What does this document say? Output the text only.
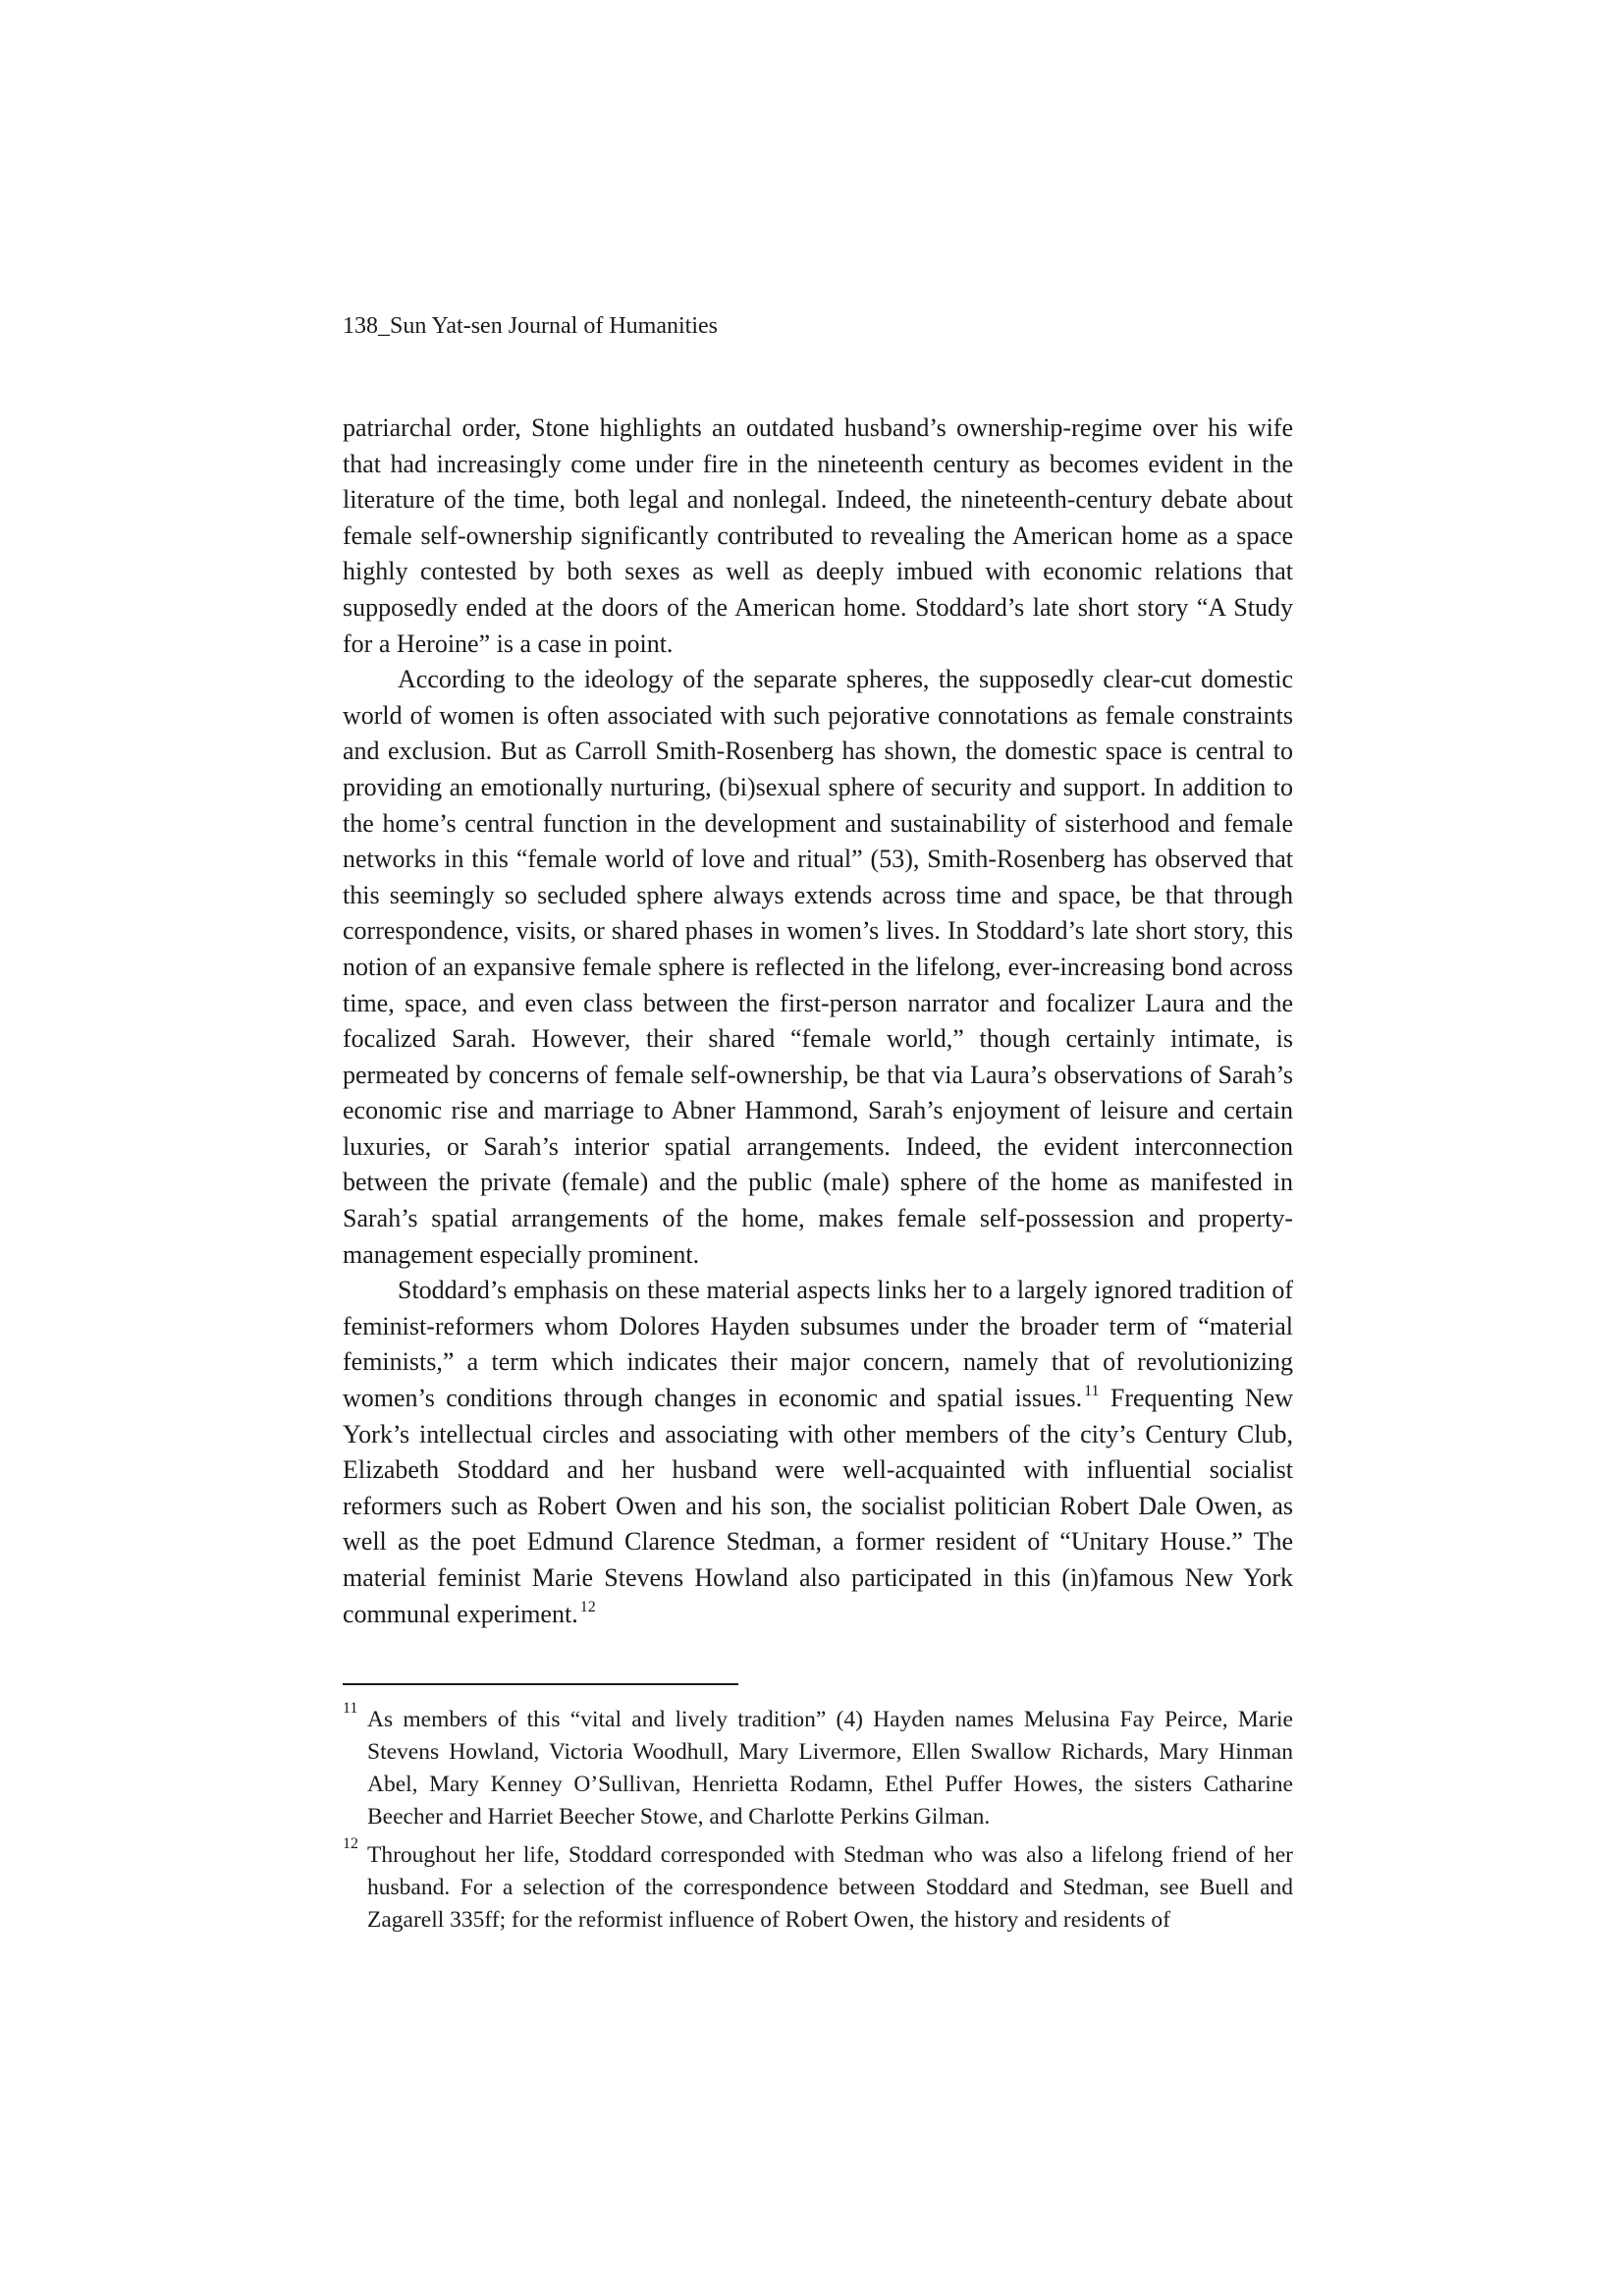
138_Sun Yat-sen Journal of Humanities

patriarchal order, Stone highlights an outdated husband’s ownership-regime over his wife that had increasingly come under fire in the nineteenth century as becomes evident in the literature of the time, both legal and nonlegal. Indeed, the nineteenth-century debate about female self-ownership significantly contributed to revealing the American home as a space highly contested by both sexes as well as deeply imbued with economic relations that supposedly ended at the doors of the American home. Stoddard’s late short story “A Study for a Heroine” is a case in point.

According to the ideology of the separate spheres, the supposedly clear-cut domestic world of women is often associated with such pejorative connotations as female constraints and exclusion. But as Carroll Smith-Rosenberg has shown, the domestic space is central to providing an emotionally nurturing, (bi)sexual sphere of security and support. In addition to the home’s central function in the development and sustainability of sisterhood and female networks in this “female world of love and ritual” (53), Smith-Rosenberg has observed that this seemingly so secluded sphere always extends across time and space, be that through correspondence, visits, or shared phases in women’s lives. In Stoddard’s late short story, this notion of an expansive female sphere is reflected in the lifelong, ever-increasing bond across time, space, and even class between the first-person narrator and focalizer Laura and the focalized Sarah. However, their shared “female world,” though certainly intimate, is permeated by concerns of female self-ownership, be that via Laura’s observations of Sarah’s economic rise and marriage to Abner Hammond, Sarah’s enjoyment of leisure and certain luxuries, or Sarah’s interior spatial arrangements. Indeed, the evident interconnection between the private (female) and the public (male) sphere of the home as manifested in Sarah’s spatial arrangements of the home, makes female self-possession and property-management especially prominent.

Stoddard’s emphasis on these material aspects links her to a largely ignored tradition of feminist-reformers whom Dolores Hayden subsumes under the broader term of “material feminists,” a term which indicates their major concern, namely that of revolutionizing women’s conditions through changes in economic and spatial issues. $^{11}$ Frequenting New York’s intellectual circles and associating with other members of the city’s Century Club, Elizabeth Stoddard and her husband were well-acquainted with influential socialist reformers such as Robert Owen and his son, the socialist politician Robert Dale Owen, as well as the poet Edmund Clarence Stedman, a former resident of “Unitary House.” The material feminist Marie Stevens Howland also participated in this (in)famous New York communal experiment. $^{12}$

11 As members of this “vital and lively tradition” (4) Hayden names Melusina Fay Peirce, Marie Stevens Howland, Victoria Woodhull, Mary Livermore, Ellen Swallow Richards, Mary Hinman Abel, Mary Kenney O’Sullivan, Henrietta Rodamn, Ethel Puffer Howes, the sisters Catharine Beecher and Harriet Beecher Stowe, and Charlotte Perkins Gilman.
12 Throughout her life, Stoddard corresponded with Stedman who was also a lifelong friend of her husband. For a selection of the correspondence between Stoddard and Stedman, see Buell and Zagarell 335ff; for the reformist influence of Robert Owen, the history and residents of
